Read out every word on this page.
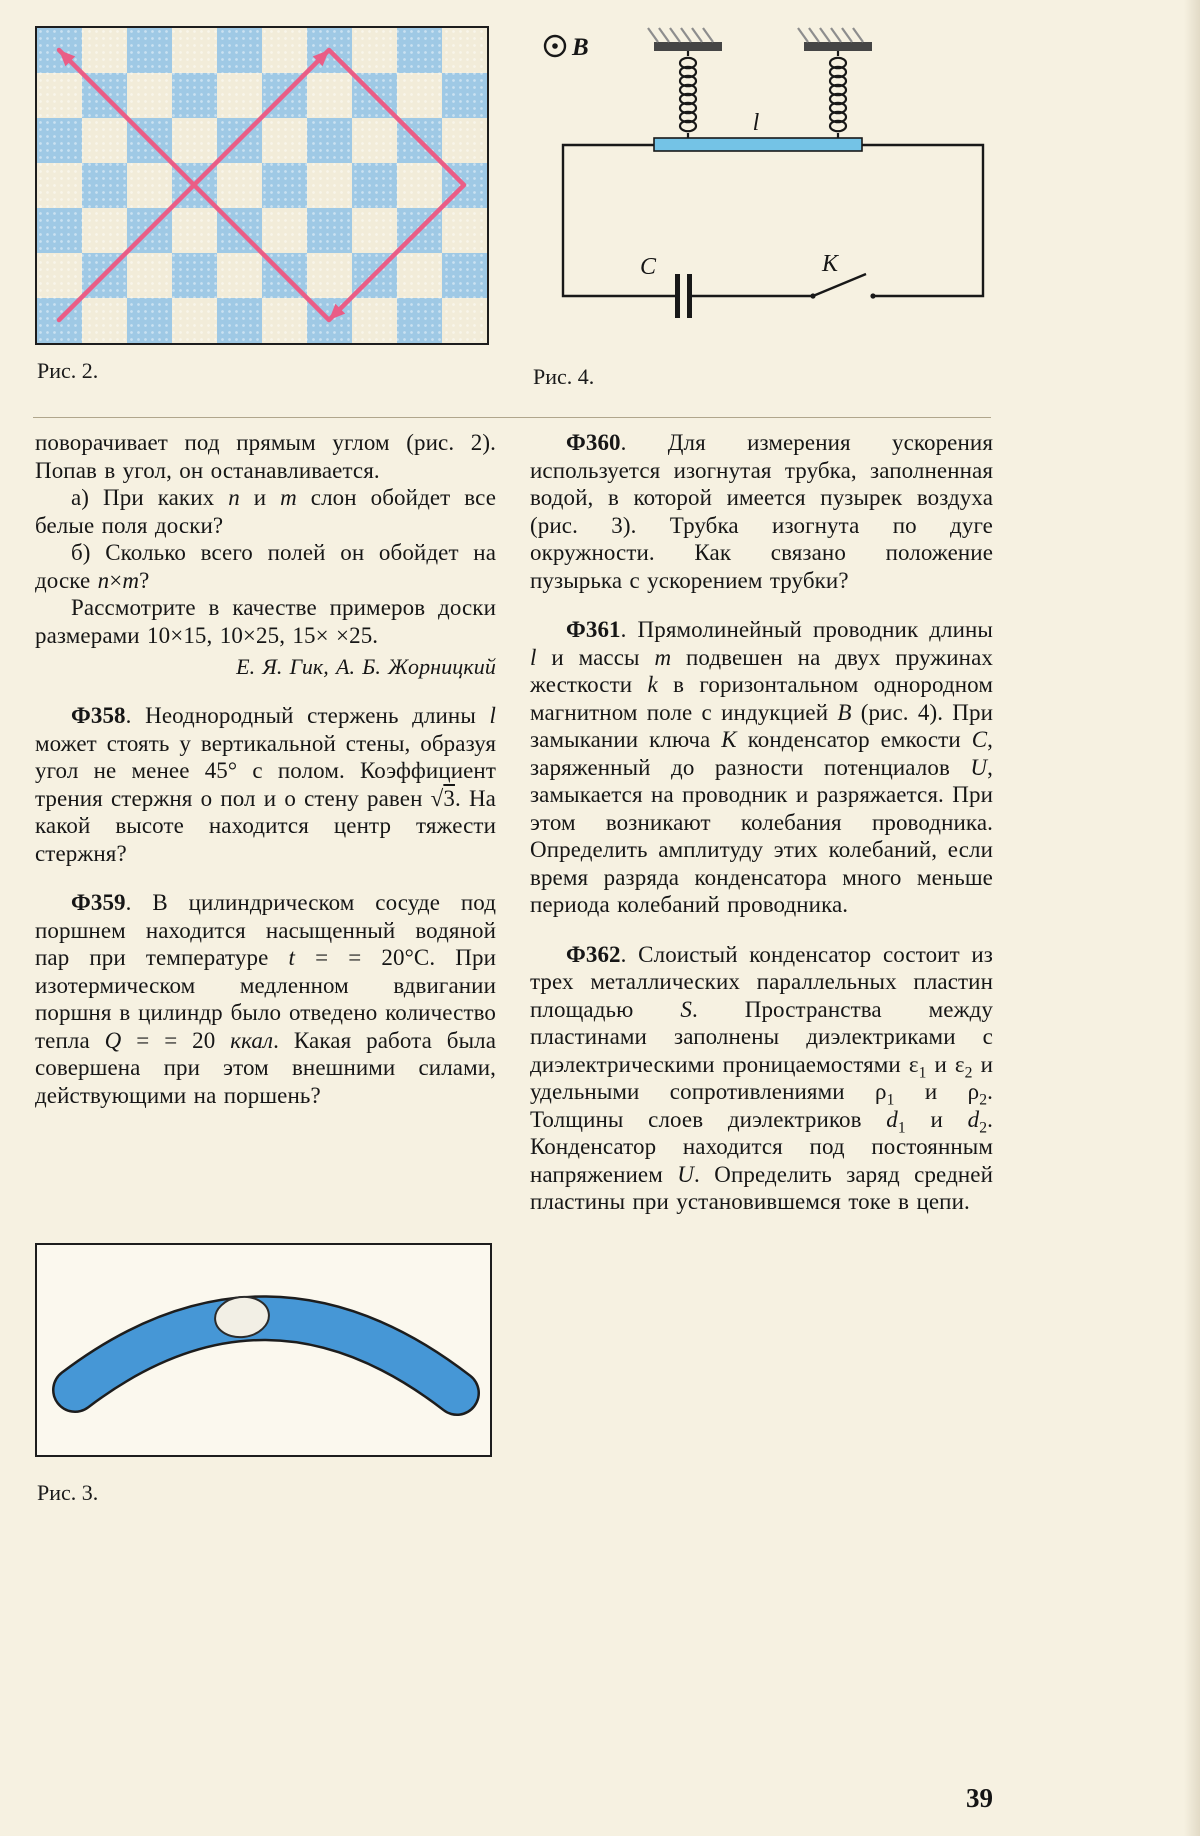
Рис. 2.
B
l
C	K
Рис. 4.

поворачивает под прямым углом (рис. 2). Попав в угол, он останавливается.

а) При каких n и m слон обойдет все белые поля доски?

б) Сколько всего полей он обойдет на доске n×m?

Рассмотрите в качестве примеров доски размерами 10×15, 10×25, 15× ×25.

Е. Я. Гик, А. Б. Жорницкий

Ф358. Неоднородный стержень длины l может стоять у вертикальной стены, образуя угол не менее 45° с полом. Коэффициент трения стержня о пол и о стену равен √3. На какой высоте находится центр тяжести стержня?

Ф359. В цилиндрическом сосуде под поршнем находится насыщенный водяной пар при температуре t = = 20°С. При изотермическом медленном вдвигании поршня в цилиндр было отведено количество тепла Q = = 20 ккал. Какая работа была совершена при этом внешними силами, действующими на поршень?

Ф360. Для измерения ускорения используется изогнутая трубка, заполненная водой, в которой имеется пузырек воздуха (рис. 3). Трубка изогнута по дуге окружности. Как связано положение пузырька с ускорением трубки?

Ф361. Прямолинейный проводник длины l и массы m подвешен на двух пружинах жесткости k в горизонтальном однородном магнитном поле с индукцией B (рис. 4). При замыкании ключа K конденсатор емкости C, заряженный до разности потенциалов U, замыкается на проводник и разряжается. При этом возникают колебания проводника. Определить амплитуду этих колебаний, если время разряда конденсатора много меньше периода колебаний проводника.

Ф362. Слоистый конденсатор состоит из трех металлических параллельных пластин площадью S. Пространства между пластинами заполнены диэлектриками с диэлектрическими проницаемостями $\varepsilon_1$ и $\varepsilon_2$ и удельными сопротивлениями $\rho_1$ и $\rho_2$. Толщины слоев диэлектриков $d_1$ и $d_2$. Конденсатор находится под постоянным напряжением U. Определить заряд средней пластины при установившемся токе в цепи.

Рис. 3.
39
